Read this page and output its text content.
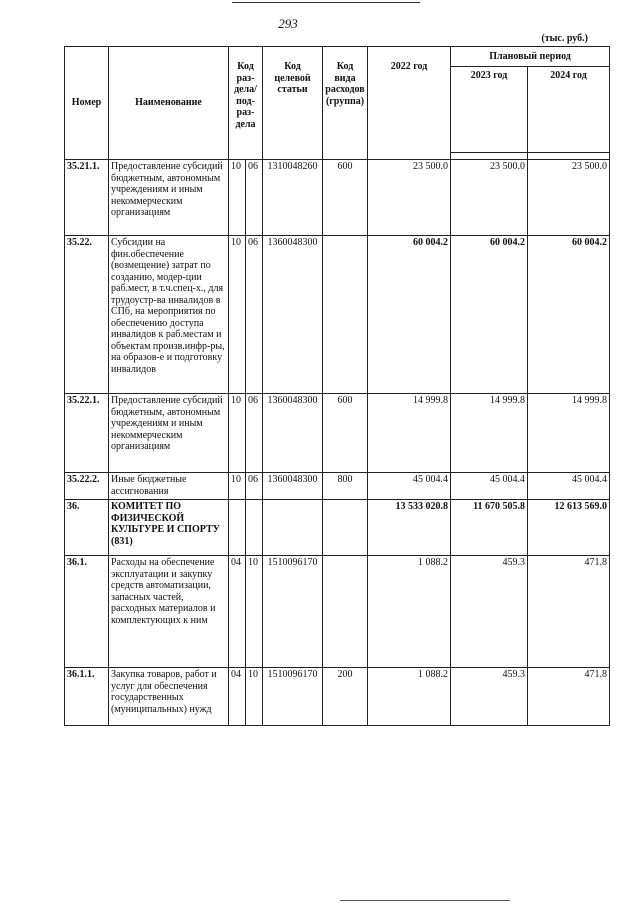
293
(тыс. руб.)
Номер	Наименование	Код раз-дела/ под-раз-дела		Код целевой статьи	Код вида расходов (группа)	2022 год	Плановый период	
							2023 год	2024 год

35.21.1.	Предоставление субсидий бюджетным, автономным учреждениям и иным некоммерческим организациям	10	06	1310048260	600	23 500.0	23 500.0	23 500.0
35.22.	Субсидии на фин.обеспечение (возмещение) затрат по созданию, модер-ции раб.мест, в т.ч.спец-х., для трудоустр-ва инвалидов в СПб, на мероприятия по обеспечению доступа инвалидов к раб.местам и объектам произв.инфр-ры, на образов-е и подготовку инвалидов	10	06	1360048300		60 004.2	60 004.2	60 004.2
35.22.1.	Предоставление субсидий бюджетным, автономным учреждениям и иным некоммерческим организациям	10	06	1360048300	600	14 999.8	14 999.8	14 999.8
35.22.2.	Иные бюджетные ассигнования	10	06	1360048300	800	45 004.4	45 004.4	45 004.4
36.	КОМИТЕТ ПО ФИЗИЧЕСКОЙ КУЛЬТУРЕ И СПОРТУ (831)					13 533 020.8	11 670 505.8	12 613 569.0
36.1.	Расходы на обеспечение эксплуатации и закупку средств автоматизации, запасных частей, расходных материалов и комплектующих к ним	04	10	1510096170		1 088.2	459.3	471.8
36.1.1.	Закупка товаров, работ и услуг для обеспечения государственных (муниципальных) нужд	04	10	1510096170	200	1 088.2	459.3	471.8
